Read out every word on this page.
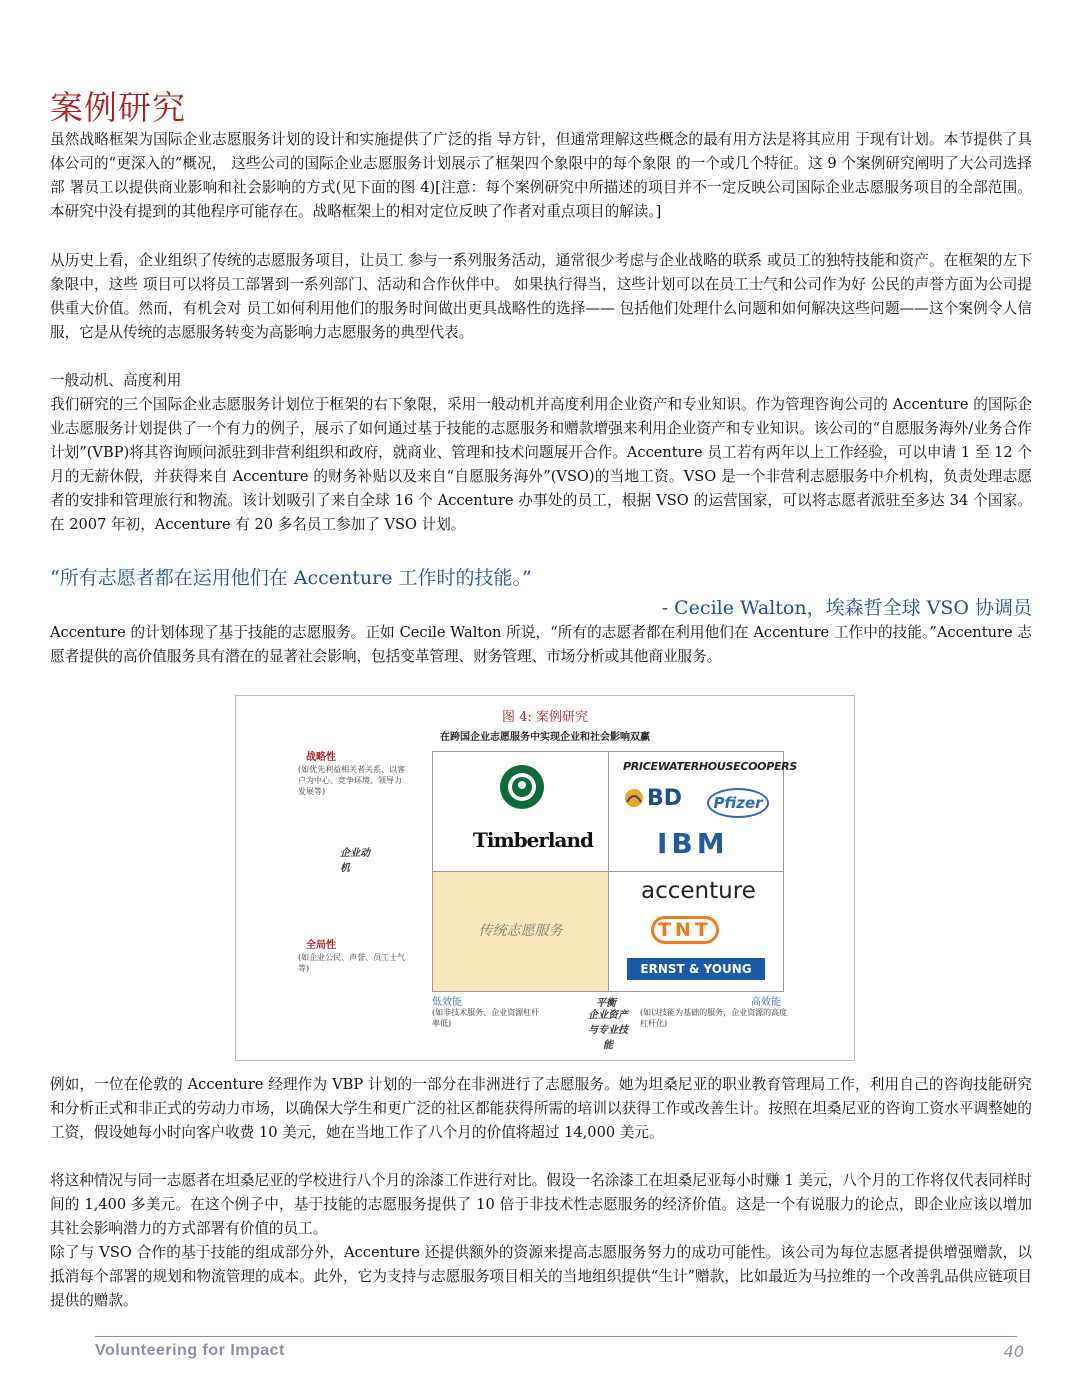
案例研究

虽然战略框架为国际企业志愿服务计划的设计和实施提供了广泛的指 导方针，但通常理解这些概念的最有用方法是将其应用 于现有计划。本节提供了具体公司的“更深入的”概况， 这些公司的国际企业志愿服务计划展示了框架四个象限中的每个象限 的一个或几个特征。这 9 个案例研究阐明了大公司选择部 署员工以提供商业影响和社会影响的方式(见下面的图 4)[注意：每个案例研究中所描述的项目并不一定反映公司国际企业志愿服务项目的全部范围。本研究中没有提到的其他程序可能存在。战略框架上的相对定位反映了作者对重点项目的解读。]

从历史上看，企业组织了传统的志愿服务项目，让员工 参与一系列服务活动，通常很少考虑与企业战略的联系 或员工的独特技能和资产。在框架的左下象限中，这些 项目可以将员工部署到一系列部门、活动和合作伙伴中。 如果执行得当，这些计划可以在员工士气和公司作为好 公民的声誉方面为公司提供重大价值。然而，有机会对 员工如何利用他们的服务时间做出更具战略性的选择—— 包括他们处理什么问题和如何解决这些问题——这个案例令人信服，它是从传统的志愿服务转变为高影响力志愿服务的典型代表。

一般动机、高度利用

我们研究的三个国际企业志愿服务计划位于框架的右下象限，采用一般动机并高度利用企业资产和专业知识。作为管理咨询公司的 Accenture 的国际企业志愿服务计划提供了一个有力的例子，展示了如何通过基于技能的志愿服务和赠款增强来利用企业资产和专业知识。该公司的“自愿服务海外/业务合作计划”(VBP)将其咨询顾问派驻到非营利组织和政府，就商业、管理和技术问题展开合作。Accenture 员工若有两年以上工作经验，可以申请 1 至 12 个月的无薪休假，并获得来自 Accenture 的财务补贴以及来自“自愿服务海外”(VSO)的当地工资。VSO 是一个非营利志愿服务中介机构，负责处理志愿者的安排和管理旅行和物流。该计划吸引了来自全球 16 个 Accenture 办事处的员工，根据 VSO 的运营国家，可以将志愿者派驻至多达 34 个国家。在 2007 年初，Accenture 有 20 多名员工参加了 VSO 计划。

“所有志愿者都在运用他们在 Accenture 工作时的技能。”

- Cecile Walton，埃森哲全球 VSO 协调员

Accenture 的计划体现了基于技能的志愿服务。正如 Cecile Walton 所说，“所有的志愿者都在利用他们在 Accenture 工作中的技能。”Accenture 志愿者提供的高价值服务具有潜在的显著社会影响，包括变革管理、财务管理、市场分析或其他商业服务。

图 4: 案例研究
在跨国企业志愿服务中实现企业和社会影响双赢
战略性
(如优先利益相关者关系、以客户为中心、竞争环境、领导力发展等)
企业动机
全局性
(如企业公民、声誉、员工士气等)
Timberland
PRICEWATERHOUSECOOPERS
BD	Pfizer
IBM
传统志愿服务
accenture
TNT
ERNST & YOUNG
低效能
(如非技术服务、企业资源杠杆率低)
平衡
企业资产与专业技能
高效能
(如以技能为基础的服务，企业资源的高度杠杆化)

例如，一位在伦敦的 Accenture 经理作为 VBP 计划的一部分在非洲进行了志愿服务。她为坦桑尼亚的职业教育管理局工作，利用自己的咨询技能研究和分析正式和非正式的劳动力市场，以确保大学生和更广泛的社区都能获得所需的培训以获得工作或改善生计。按照在坦桑尼亚的咨询工资水平调整她的工资，假设她每小时向客户收费 10 美元，她在当地工作了八个月的价值将超过 14,000 美元。

将这种情况与同一志愿者在坦桑尼亚的学校进行八个月的涂漆工作进行对比。假设一名涂漆工在坦桑尼亚每小时赚 1 美元，八个月的工作将仅代表同样时间的 1,400 多美元。在这个例子中，基于技能的志愿服务提供了 10 倍于非技术性志愿服务的经济价值。这是一个有说服力的论点，即企业应该以增加其社会影响潜力的方式部署有价值的员工。

除了与 VSO 合作的基于技能的组成部分外，Accenture 还提供额外的资源来提高志愿服务努力的成功可能性。该公司为每位志愿者提供增强赠款，以抵消每个部署的规划和物流管理的成本。此外，它为支持与志愿服务项目相关的当地组织提供“生计”赠款，比如最近为马拉维的一个改善乳品供应链项目提供的赠款。

Volunteering for Impact	40
